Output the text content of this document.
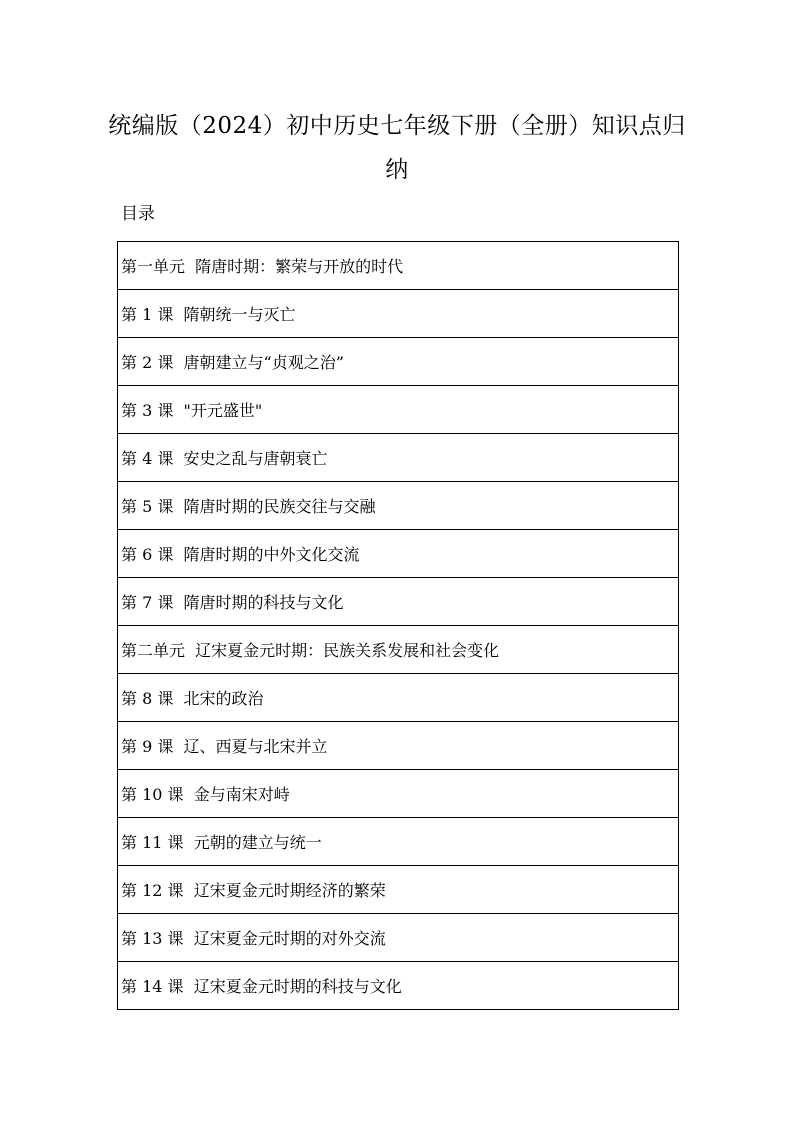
统编版（2024）初中历史七年级下册（全册）知识点归纳
目录
第一单元  隋唐时期：繁荣与开放的时代
第 1 课  隋朝统一与灭亡
第 2 课  唐朝建立与“贞观之治”
第 3 课  "开元盛世"
第 4 课  安史之乱与唐朝衰亡
第 5 课  隋唐时期的民族交往与交融
第 6 课  隋唐时期的中外文化交流
第 7 课  隋唐时期的科技与文化
第二单元  辽宋夏金元时期：民族关系发展和社会变化
第 8 课  北宋的政治
第 9 课  辽、西夏与北宋并立
第 10 课  金与南宋对峙
第 11 课  元朝的建立与统一
第 12 课  辽宋夏金元时期经济的繁荣
第 13 课  辽宋夏金元时期的对外交流
第 14 课  辽宋夏金元时期的科技与文化
